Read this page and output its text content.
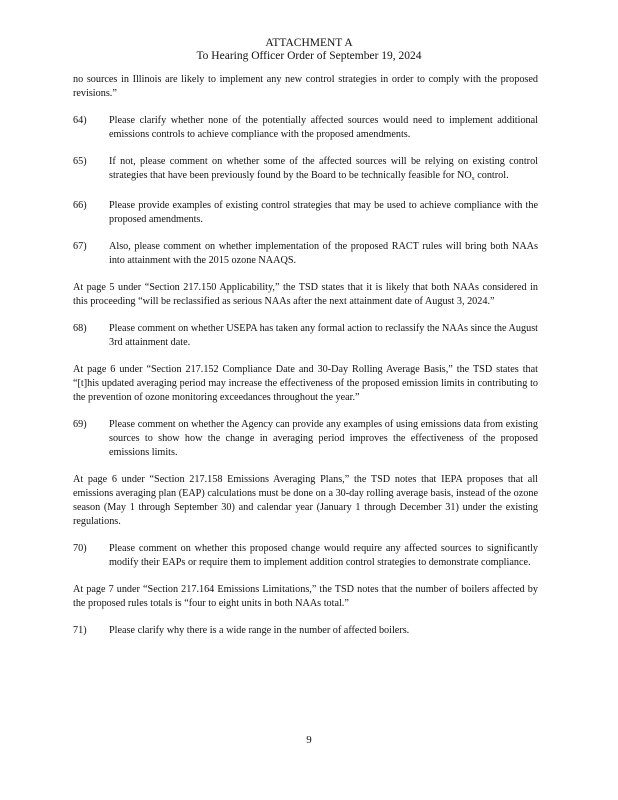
ATTACHMENT A
To Hearing Officer Order of September 19, 2024

no sources in Illinois are likely to implement any new control strategies in order to comply with the proposed revisions.”

64)	Please clarify whether none of the potentially affected sources would need to implement additional emissions controls to achieve compliance with the proposed amendments.
65)	If not, please comment on whether some of the affected sources will be relying on existing control strategies that have been previously found by the Board to be technically feasible for $NO_x$ control.
66)	Please provide examples of existing control strategies that may be used to achieve compliance with the proposed amendments.
67)	Also, please comment on whether implementation of the proposed RACT rules will bring both NAAs into attainment with the 2015 ozone NAAQS.

At page 5 under “Section 217.150 Applicability,” the TSD states that it is likely that both NAAs considered in this proceeding “will be reclassified as serious NAAs after the next attainment date of August 3, 2024.”

68)	Please comment on whether USEPA has taken any formal action to reclassify the NAAs since the August 3rd attainment date.

At page 6 under “Section 217.152 Compliance Date and 30-Day Rolling Average Basis,” the TSD states that “[t]his updated averaging period may increase the effectiveness of the proposed emission limits in contributing to the prevention of ozone monitoring exceedances throughout the year.”

69)	Please comment on whether the Agency can provide any examples of using emissions data from existing sources to show how the change in averaging period improves the effectiveness of the proposed emissions limits.

At page 6 under “Section 217.158 Emissions Averaging Plans,” the TSD notes that IEPA proposes that all emissions averaging plan (EAP) calculations must be done on a 30-day rolling average basis, instead of the ozone season (May 1 through September 30) and calendar year (January 1 through December 31) under the existing regulations.

70)	Please comment on whether this proposed change would require any affected sources to significantly modify their EAPs or require them to implement addition control strategies to demonstrate compliance.

At page 7 under “Section 217.164 Emissions Limitations,” the TSD notes that the number of boilers affected by the proposed rules totals is “four to eight units in both NAAs total.”

71)	Please clarify why there is a wide range in the number of affected boilers.
9
